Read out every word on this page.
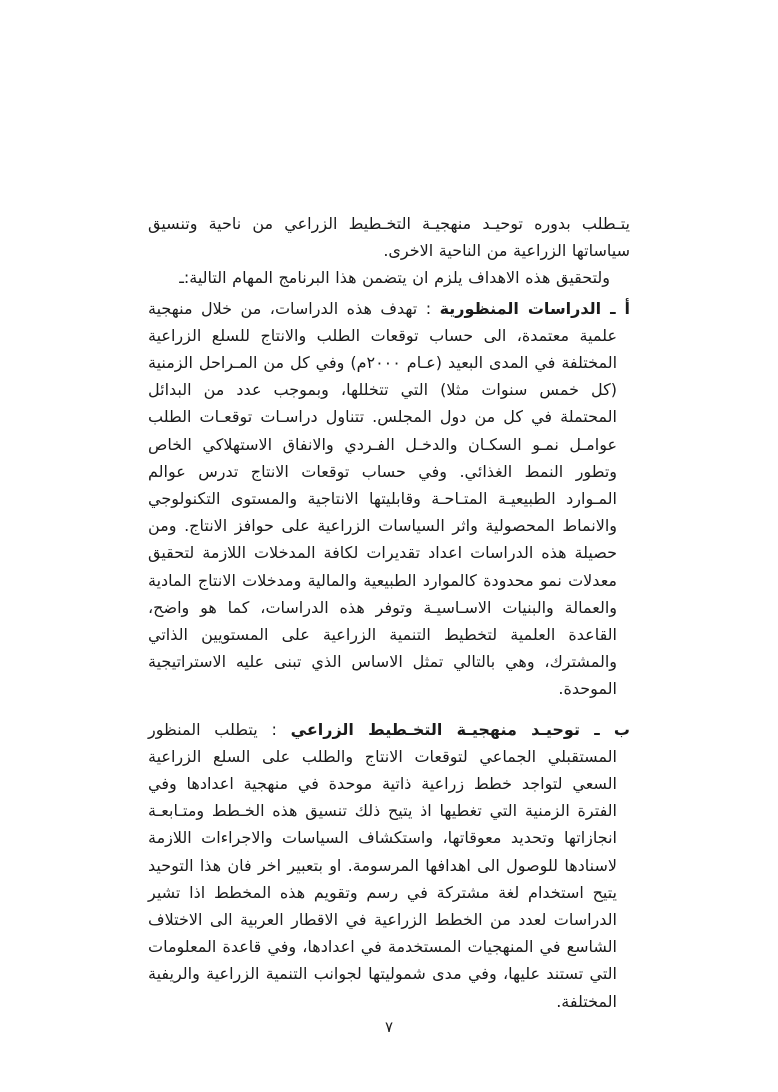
يتـطلب بدوره توحيـد منهجيـة التخـطيط الزراعي من ناحية وتنسيق سياساتها الزراعية من الناحية الاخرى.

ولتحقيق هذه الاهداف يلزم ان يتضمن هذا البرنامج المهام التالية:ـ

أ ـ الدراسات المنظورية : تهدف هذه الدراسات، من خلال منهجية علمية معتمدة، الى حساب توقعات الطلب والانتاج للسلع الزراعية المختلفة في المدى البعيد (عـام ٢٠٠٠م) وفي كل من المـراحل الزمنية (كل خمس سنوات مثلا) التي تتخللها، وبموجب عدد من البدائل المحتملة في كل من دول المجلس. تتناول دراسـات توقعـات الطلب عوامـل نمـو السكـان والدخـل الفـردي والانفاق الاستهلاكي الخاص وتطور النمط الغذائي. وفي حساب توقعات الانتاج تدرس عوالم المـوارد الطبيعيـة المتـاحـة وقابليتها الانتاجية والمستوى التكنولوجي والانماط المحصولية واثر السياسات الزراعية على حوافز الانتاج. ومن حصيلة هذه الدراسات اعداد تقديرات لكافة المدخلات اللازمة لتحقيق معدلات نمو محدودة كالموارد الطبيعية والمالية ومدخلات الانتاج المادية والعمالة والبنيات الاسـاسيـة وتوفر هذه الدراسات، كما هو واضح، القاعدة العلمية لتخطيط التنمية الزراعية على المستويين الذاتي والمشترك، وهي بالتالي تمثل الاساس الذي تبنى عليه الاستراتيجية الموحدة.
ب ـ توحيـد منهجيـة التخـطيط الزراعي : يتطلب المنظور المستقبلي الجماعي لتوقعات الانتاج والطلب على السلع الزراعية السعي لتواجد خطط زراعية ذاتية موحدة في منهجية اعدادها وفي الفترة الزمنية التي تغطيها اذ يتيح ذلك تنسيق هذه الخـطط ومتـابعـة انجازاتها وتحديد معوقاتها، واستكشاف السياسات والاجراءات اللازمة لاسنادها للوصول الى اهدافها المرسومة. او بتعبير اخر فان هذا التوحيد يتيح استخدام لغة مشتركة في رسم وتقويم هذه المخطط اذا تشير الدراسات لعدد من الخطط الزراعية في الاقطار العربية الى الاختلاف الشاسع في المنهجيات المستخدمة في اعدادها، وفي قاعدة المعلومات التي تستند عليها، وفي مدى شموليتها لجوانب التنمية الزراعية والريفية المختلفة.
٧
